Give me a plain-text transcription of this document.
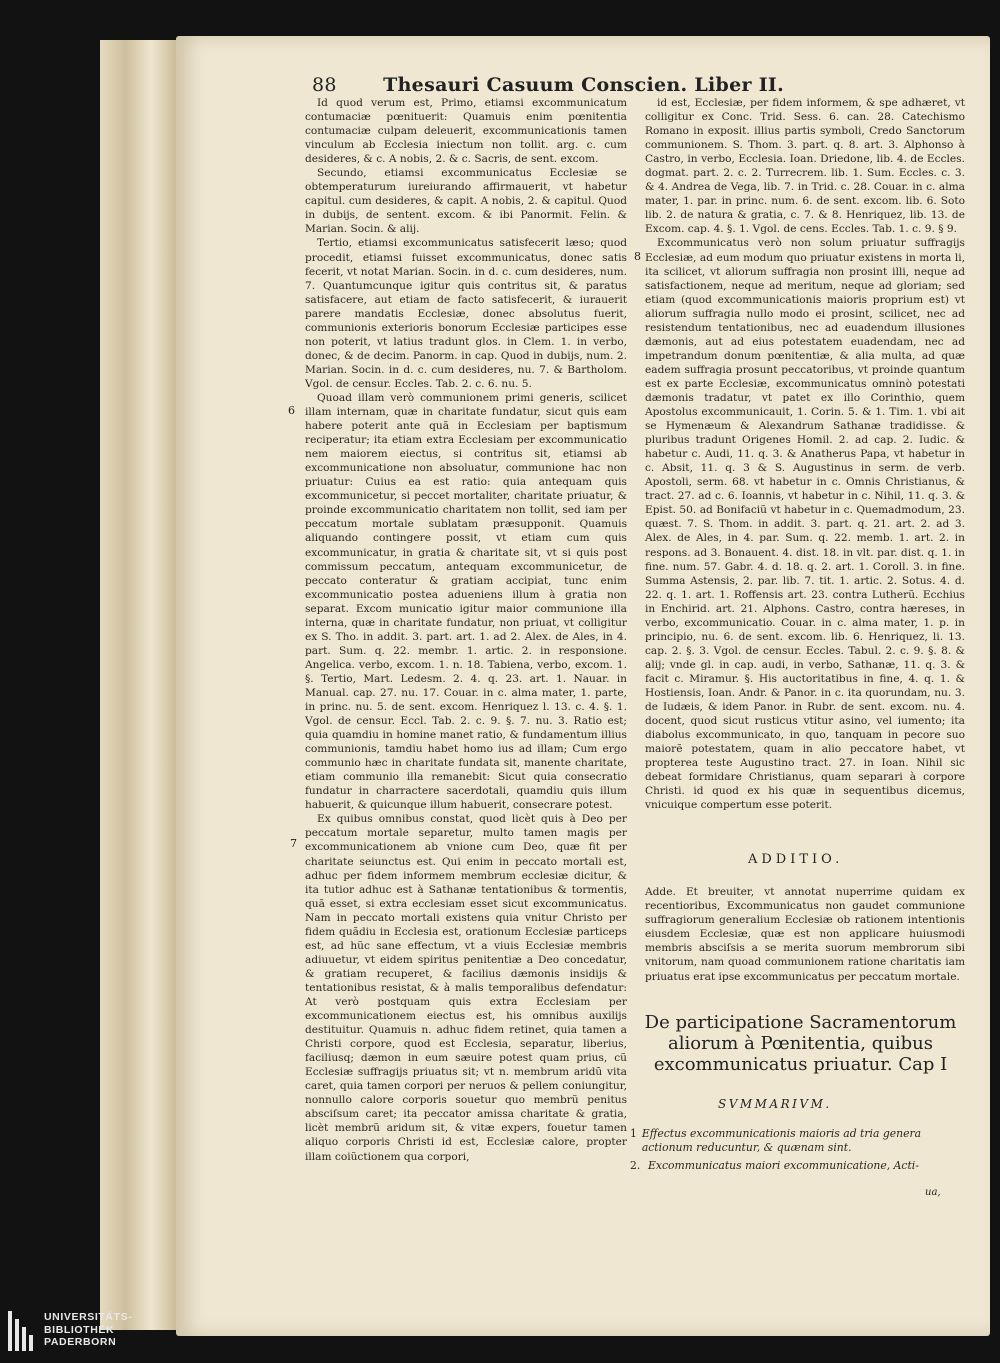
88 Thesauri Casuum Conscien. Liber II.

Id quod verum est, Primo, etiamsi excommunicatum contumaciæ pœnituerit: Quamuis enim pœnitentia contumaciæ culpam deleuerit, excommunicationis tamen vinculum ab Ecclesia iniectum non tollit. arg. c. cum desideres, & c. A nobis, 2. & c. Sacris, de sent. excom.

Secundo, etiamsi excommunicatus Ecclesiæ se obtemperaturum iureiurando affirmauerit, vt habetur capitul. cum desideres, & capit. A nobis, 2. & capitul. Quod in dubijs, de sentent. excom. & ibi Panormit. Felin. & Marian. Socin. & alij.

Tertio, etiamsi excommunicatus satisfecerit læso; quod procedit, etiamsi fuisset excommunicatus, donec satis fecerit, vt notat Marian. Socin. in d. c. cum desideres, num. 7. Quantumcunque igitur quis contritus sit, & paratus satisfacere, aut etiam de facto satisfecerit, & iurauerit parere mandatis Ecclesiæ, donec absolutus fuerit, communionis exterioris bonorum Ecclesiæ participes esse non poterit, vt latius tradunt glos. in Clem. 1. in verbo, donec, & de decim. Panorm. in cap. Quod in dubijs, num. 2. Marian. Socin. in d. c. cum desideres, nu. 7. & Bartholom. Vgol. de censur. Eccles. Tab. 2. c. 6. nu. 5.

Quoad illam verò communionem primi generis, scilicet illam internam, quæ in charitate fundatur, sicut quis eam habere poterit ante quã in Ecclesiam per baptismum reciperatur; ita etiam extra Ecclesiam per excommunicatio nem maiorem eiectus, si contritus sit, etiamsi ab excommunicatione non absoluatur, communione hac non priuatur: Cuius ea est ratio: quia antequam quis excommunicetur, si peccet mortaliter, charitate priuatur, & proinde excommunicatio charitatem non tollit, sed iam per peccatum mortale sublatam præsupponit. Quamuis aliquando contingere possit, vt etiam cum quis excommunicatur, in gratia & charitate sit, vt si quis post commissum peccatum, antequam excommunicetur, de peccato conteratur & gratiam accipiat, tunc enim excommunicatio postea adueniens illum à gratia non separat. Excom municatio igitur maior communione illa interna, quæ in charitate fundatur, non priuat, vt colligitur ex S. Tho. in addit. 3. part. art. 1. ad 2. Alex. de Ales, in 4. part. Sum. q. 22. membr. 1. artic. 2. in responsione. Angelica. verbo, excom. 1. n. 18. Tabiena, verbo, excom. 1. §. Tertio, Mart. Ledesm. 2. 4. q. 23. art. 1. Nauar. in Manual. cap. 27. nu. 17. Couar. in c. alma mater, 1. parte, in princ. nu. 5. de sent. excom. Henriquez l. 13. c. 4. §. 1. Vgol. de censur. Eccl. Tab. 2. c. 9. §. 7. nu. 3. Ratio est; quia quamdiu in homine manet ratio, & fundamentum illius communionis, tamdiu habet homo ius ad illam; Cum ergo communio hæc in charitate fundata sit, manente charitate, etiam communio illa remanebit: Sicut quia consecratio fundatur in charractere sacerdotali, quamdiu quis illum habuerit, & quicunque illum habuerit, consecrare potest.

Ex quibus omnibus constat, quod licèt quis à Deo per peccatum mortale separetur, multo tamen magis per excommunicationem ab vnione cum Deo, quæ fit per charitate seiunctus est. Qui enim in peccato mortali est, adhuc per fidem informem membrum ecclesiæ dicitur, & ita tutior adhuc est à Sathanæ tentationibus & tormentis, quã esset, si extra ecclesiam esset sicut excommunicatus. Nam in peccato mortali existens quia vnitur Christo per fidem quãdiu in Ecclesia est, orationum Ecclesiæ particeps est, ad hũc sane effectum, vt a viuis Ecclesiæ membris adiuuetur, vt eidem spiritus penitentiæ a Deo concedatur, & gratiam recuperet, & facilius dæmonis insidijs & tentationibus resistat, & à malis temporalibus defendatur: At verò postquam quis extra Ecclesiam per excommunicationem eiectus est, his omnibus auxilijs destituitur. Quamuis n. adhuc fidem retinet, quia tamen a Christi corpore, quod est Ecclesia, separatur, liberius, faciliusq; dæmon in eum sæuire potest quam prius, cũ Ecclesiæ suffragijs priuatus sit; vt n. membrum aridũ vita caret, quia tamen corpori per neruos & pellem coniungitur, nonnullo calore corporis souetur quo membrũ penitus absciſsum caret; ita peccator amissa charitate & gratia, licèt membrũ aridum sit, & vitæ expers, fouetur tamen aliquo corporis Christi id est, Ecclesiæ calore, propter illam coiũctionem qua corpori,

6
7

id est, Ecclesiæ, per fidem informem, & spe adhæret, vt colligitur ex Conc. Trid. Sess. 6. can. 28. Catechismo Romano in exposit. illius partis symboli, Credo Sanctorum communionem. S. Thom. 3. part. q. 8. art. 3. Alphonso à Castro, in verbo, Ecclesia. Ioan. Driedone, lib. 4. de Eccles. dogmat. part. 2. c. 2. Turrecrem. lib. 1. Sum. Eccles. c. 3. & 4. Andrea de Vega, lib. 7. in Trid. c. 28. Couar. in c. alma mater, 1. par. in princ. num. 6. de sent. excom. lib. 6. Soto lib. 2. de natura & gratia, c. 7. & 8. Henriquez, lib. 13. de Excom. cap. 4. §. 1. Vgol. de cens. Eccles. Tab. 1. c. 9. § 9.

Excommunicatus verò non solum priuatur suffragijs Ecclesiæ, ad eum modum quo priuatur existens in morta li, ita scilicet, vt aliorum suffragia non prosint illi, neque ad satisfactionem, neque ad meritum, neque ad gloriam; sed etiam (quod excommunicationis maioris proprium est) vt aliorum suffragia nullo modo ei prosint, scilicet, nec ad resistendum tentationibus, nec ad euadendum illusiones dæmonis, aut ad eius potestatem euadendam, nec ad impetrandum donum pœnitentiæ, & alia multa, ad quæ eadem suffragia prosunt peccatoribus, vt proinde quantum est ex parte Ecclesiæ, excommunicatus omninò potestati dæmonis tradatur, vt patet ex illo Corinthio, quem Apostolus excommunicauit, 1. Corin. 5. & 1. Tim. 1. vbi ait se Hymenæum & Alexandrum Sathanæ tradidisse. & pluribus tradunt Origenes Homil. 2. ad cap. 2. Iudic. & habetur c. Audi, 11. q. 3. & Anatherus Papa, vt habetur in c. Absit, 11. q. 3 & S. Augustinus in serm. de verb. Apostoli, serm. 68. vt habetur in c. Omnis Christianus, & tract. 27. ad c. 6. Ioannis, vt habetur in c. Nihil, 11. q. 3. & Epist. 50. ad Bonifaciũ vt habetur in c. Quemadmodum, 23. quæst. 7. S. Thom. in addit. 3. part. q. 21. art. 2. ad 3. Alex. de Ales, in 4. par. Sum. q. 22. memb. 1. art. 2. in respons. ad 3. Bonauent. 4. dist. 18. in vlt. par. dist. q. 1. in fine. num. 57. Gabr. 4. d. 18. q. 2. art. 1. Coroll. 3. in fine. Summa Astensis, 2. par. lib. 7. tit. 1. artic. 2. Sotus. 4. d. 22. q. 1. art. 1. Roffensis art. 23. contra Lutherũ. Ecchius in Enchirid. art. 21. Alphons. Castro, contra hæreses, in verbo, excommunicatio. Couar. in c. alma mater, 1. p. in principio, nu. 6. de sent. excom. lib. 6. Henriquez, li. 13. cap. 2. §. 3. Vgol. de censur. Eccles. Tabul. 2. c. 9. §. 8. & alij; vnde gl. in cap. audi, in verbo, Sathanæ, 11. q. 3. & facit c. Miramur. §. His auctoritatibus in fine, 4. q. 1. & Hostiensis, Ioan. Andr. & Panor. in c. ita quorundam, nu. 3. de Iudæis, & idem Panor. in Rubr. de sent. excom. nu. 4. docent, quod sicut rusticus vtitur asino, vel iumento; ita diabolus excommunicato, in quo, tanquam in pecore suo maiorẽ potestatem, quam in alio peccatore habet, vt propterea teste Augustino tract. 27. in Ioan. Nihil sic debeat formidare Christianus, quam separari à corpore Christi. id quod ex his quæ in sequentibus dicemus, vnicuique compertum esse poterit.

8
ADDITIO.
Adde. Et breuiter, vt annotat nuperrime quidam ex recentioribus, Excommunicatus non gaudet communione suffragiorum generalium Ecclesiæ ob rationem intentionis eiusdem Ecclesiæ, quæ est non applicare huiusmodi membris absciſsis a se merita suorum membrorum sibi vnitorum, nam quoad communionem ratione charitatis iam priuatus erat ipse excommunicatus per peccatum mortale.
De participatione Sacramentorum aliorum à Pœnitentia, quibus excommunicatus priuatur. Cap I
SVMMARIVM.
1 Effectus excommunicationis maioris ad tria genera actionum reducuntur, & quænam sint.
2. Excommunicatus maiori excommunicatione, Acti-
ua,
UNIVERSITÄTS-
BIBLIOTHEK
PADERBORN
